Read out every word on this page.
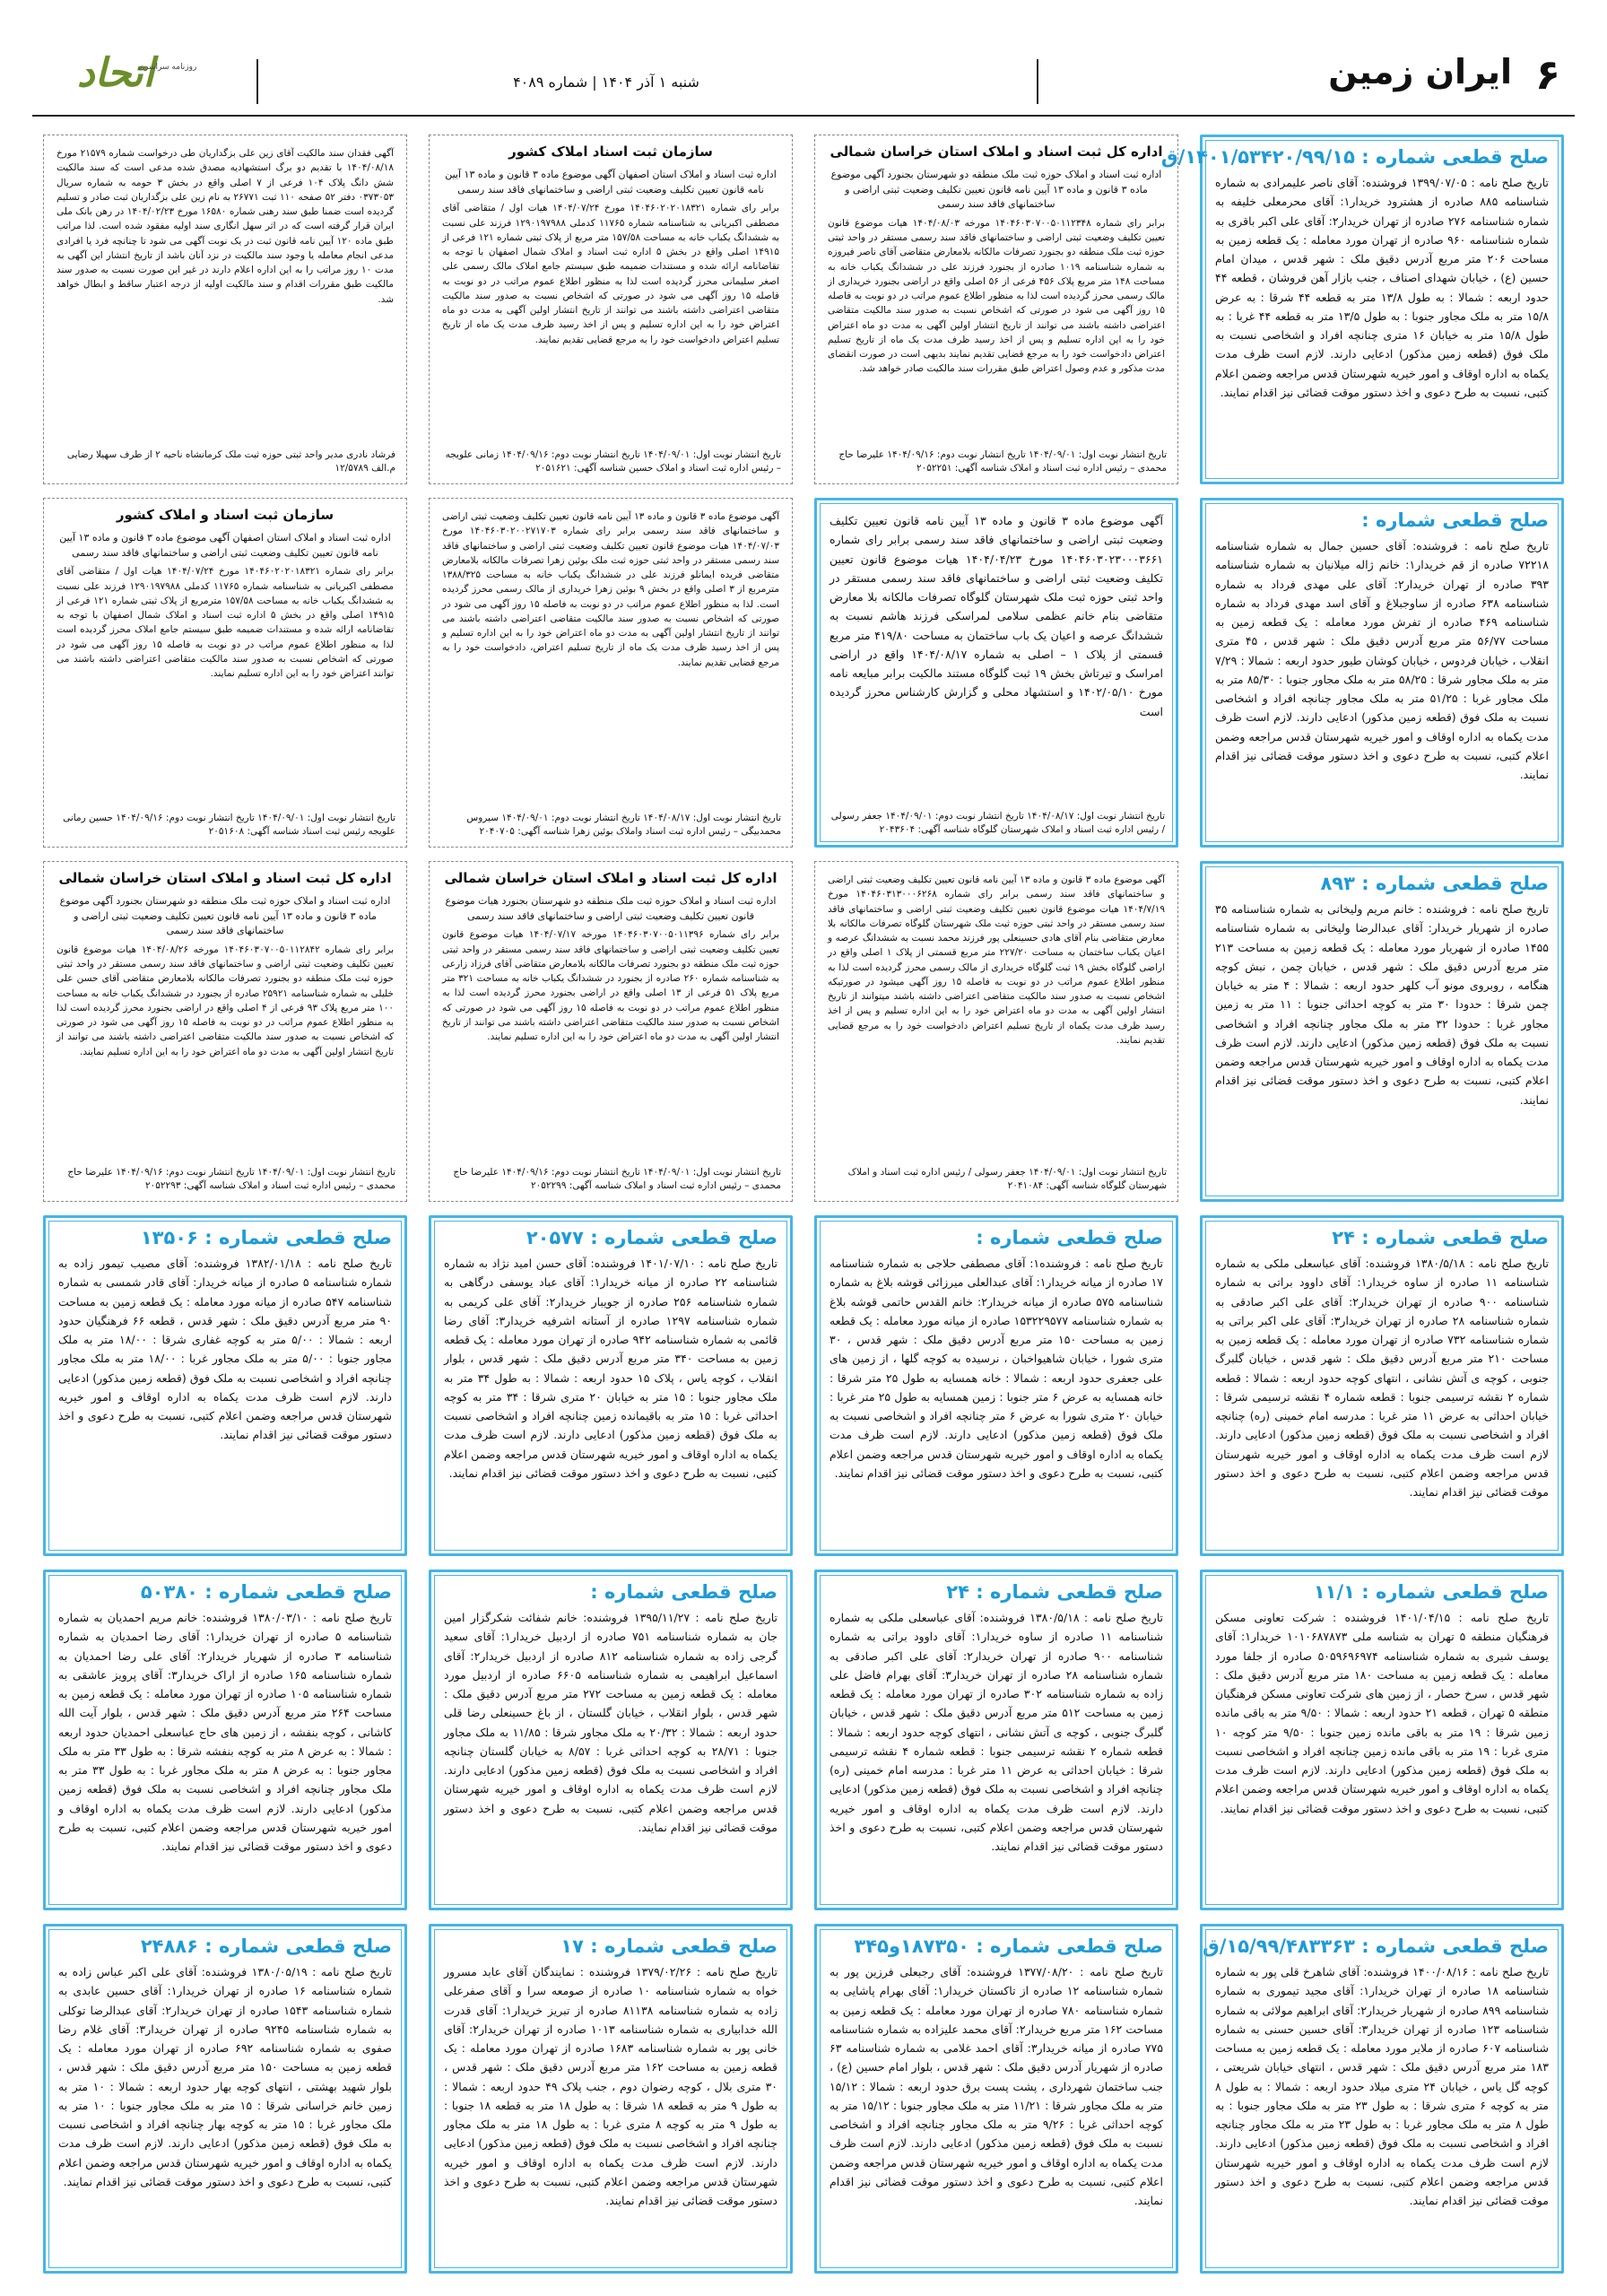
۶
ایران زمین
شنبه ۱ آذر ۱۴۰۴ | شماره ۴۰۸۹
اتحاد
روزنامه سراسری
صلح قطعی شماره : ۱۴۰۱/۵۳۴۲۰/۹۹/۱۵/ق
تاریخ صلح نامه : ۱۳۹۹/۰۷/۰۵ فروشنده: آقای ناصر علیمرادی به شماره شناسنامه ۸۸۵ صادره از هشترود خریدار۱: آقای محرمعلی خلیفه به شماره شناسنامه ۲۷۶ صادره از تهران خریدار۲: آقای علی اکبر باقری به شماره شناسنامه ۹۶۰ صادره از تهران مورد معامله : یک قطعه زمین به مساحت ۲۰۶ متر مربع آدرس دقیق ملک : شهر قدس ، میدان امام حسین (ع) ، خیابان شهدای اصناف ، جنب بازار آهن فروشان ، قطعه ۴۴ حدود اربعه : شمالا : به طول ۱۳/۸ متر به قطعه ۴۴ شرقا : به عرض ۱۵/۸ متر به ملک مجاور جنوبا : به طول ۱۳/۵ متر به قطعه ۴۴ غربا : به طول ۱۵/۸ متر به خیابان ۱۶ متری چنانچه افراد و اشخاصی نسبت به ملک فوق (قطعه زمین مذکور) ادعایی دارند. لازم است ظرف مدت یکماه به اداره اوقاف و امور خیریه شهرستان قدس مراجعه وضمن اعلام کتبی، نسبت به طرح دعوی و اخذ دستور موقت قضائی نیز اقدام نمایند.
اداره کل ثبت اسناد و املاک استان خراسان شمالی
اداره ثبت اسناد و املاک حوزه ثبت ملک منطقه دو شهرستان بجنورد آگهی موضوع ماده ۳ قانون و ماده ۱۳ آیین نامه قانون تعیین تکلیف وضعیت ثبتی اراضی و ساختمانهای فاقد سند رسمی
برابر رای شماره ۱۴۰۴۶۰۳۰۷۰۰۵۰۱۱۲۳۴۸ مورخه ۱۴۰۴/۰۸/۰۳ هیات موضوع قانون تعیین تکلیف وضعیت ثبتی اراضی و ساختمانهای فاقد سند رسمی مستقر در واحد ثبتی حوزه ثبت ملک منطقه دو بجنورد تصرفات مالکانه بلامعارض متقاضی آقای ناصر فیروزه به شماره شناسنامه ۱۰۱۹ صادره از بجنورد فرزند علی در ششدانگ یکباب خانه به مساحت ۱۴۸ متر مربع پلاک ۴۵۶ فرعی از ۵۶ اصلی واقع در اراضی بجنورد خریداری از مالک رسمی محرز گردیده است لذا به منظور اطلاع عموم مراتب در دو نوبت به فاصله ۱۵ روز آگهی می شود در صورتی که اشخاص نسبت به صدور سند مالکیت متقاضی اعتراضی داشته باشند می توانند از تاریخ انتشار اولین آگهی به مدت دو ماه اعتراض خود را به این اداره تسلیم و پس از اخذ رسید ظرف مدت یک ماه از تاریخ تسلیم اعتراض دادخواست خود را به مرجع قضایی تقدیم نمایند بدیهی است در صورت انقضای مدت مذکور و عدم وصول اعتراض طبق مقررات سند مالکیت صادر خواهد شد.
تاریخ انتشار نوبت اول: ۱۴۰۴/۰۹/۰۱ تاریخ انتشار نوبت دوم: ۱۴۰۴/۰۹/۱۶ علیرضا حاج محمدی – رئیس اداره ثبت اسناد و املاک شناسه آگهی: ۲۰۵۲۲۵۱
سازمان ثبت اسناد املاک کشور
اداره ثبت اسناد و املاک استان اصفهان آگهی موضوع ماده ۳ قانون و ماده ۱۳ آیین نامه قانون تعیین تکلیف وضعیت ثبتی اراضی و ساختمانهای فاقد سند رسمی
برابر رای شماره ۱۴۰۴۶۰۲۰۲۰۱۸۳۲۱ مورخ ۱۴۰۴/۰۷/۲۴ هیات اول / متقاضی آقای مصطفی اکبریانی به شناسنامه شماره ۱۱۷۶۵ کدملی ۱۲۹۰۱۹۷۹۸۸ فرزند علی نسبت به ششدانگ یکباب خانه به مساحت ۱۵۷/۵۸ متر مربع از پلاک ثبتی شماره ۱۲۱ فرعی از ۱۴۹۱۵ اصلی واقع در بخش ۵ اداره ثبت اسناد و املاک شمال اصفهان با توجه به تقاضانامه ارائه شده و مستندات ضمیمه طبق سیستم جامع املاک مالک رسمی علی اصغر سلیمانی محرز گردیده است لذا به منظور اطلاع عموم مراتب در دو نوبت به فاصله ۱۵ روز آگهی می شود در صورتی که اشخاص نسبت به صدور سند مالکیت متقاضی اعتراضی داشته باشند می توانند از تاریخ انتشار اولین آگهی به مدت دو ماه اعتراض خود را به این اداره تسلیم و پس از اخذ رسید ظرف مدت یک ماه از تاریخ تسلیم اعتراض دادخواست خود را به مرجع قضایی تقدیم نمایند.
تاریخ انتشار نوبت اول: ۱۴۰۴/۰۹/۰۱ تاریخ انتشار نوبت دوم: ۱۴۰۴/۰۹/۱۶ زمانی علویجه – رئیس اداره ثبت اسناد و املاک حسین شناسه آگهی: ۲۰۵۱۶۲۱
آگهی فقدان سند مالکیت آقای زین علی بزگداریان طی درخواست شماره ۲۱۵۷۹ مورخ ۱۴۰۴/۰۸/۱۸ با تقدیم دو برگ استشهادیه مصدق شده مدعی است که سند مالکیت شش دانگ پلاک ۱۰۴ فرعی از ۷ اصلی واقع در بخش ۳ حومه به شماره سریال ۰۳۷۳۰۵۳ دفتر ۵۲ صفحه ۱۱۰ ثبت ۲۶۷۷۱ به نام زین علی بزگداریان ثبت صادر و تسلیم گردیده است ضمنا طبق سند رهنی شماره ۱۶۵۸۰ مورخ ۱۴۰۴/۰۲/۲۳ در رهن بانک ملی ایران قرار گرفته است که در اثر سهل انگاری سند اولیه مفقود شده است. لذا مراتب طبق ماده ۱۲۰ آیین نامه قانون ثبت در یک نوبت آگهی می شود تا چنانچه فرد یا افرادی مدعی انجام معامله یا وجود سند مالکیت در نزد آنان باشد از تاریخ انتشار این آگهی به مدت ۱۰ روز مراتب را به این اداره اعلام دارند در غیر این صورت نسبت به صدور سند مالکیت طبق مقررات اقدام و سند مالکیت اولیه از درجه اعتبار ساقط و ابطال خواهد شد.
فرشاد نادری مدیر واحد ثبتی حوزه ثبت ملک کرمانشاه ناحیه ۲ از طرف سهیلا رضایی م.الف ۱۲/۵۷۸۹
صلح قطعی شماره :
تاریخ صلح نامه : فروشنده: آقای حسین جمال به شماره شناسنامه ۷۲۲۱۸ صادره از قم خریدار۱: خانم ژاله میلانیان به شماره شناسنامه ۳۹۳ صادره از تهران خریدار۲: آقای علی مهدی فرداد به شماره شناسنامه ۶۳۸ صادره از ساوجبلاغ و آقای اسد مهدی فرداد به شماره شناسنامه ۴۶۹ صادره از تفرش مورد معامله : یک قطعه زمین به مساحت ۵۶/۷۷ متر مربع آدرس دقیق ملک : شهر قدس ، ۴۵ متری انقلاب ، خیابان فردوس ، خیابان کوشان طیور حدود اربعه : شمالا : ۷/۲۹ متر به ملک مجاور شرقا : ۵۸/۲۵ متر به ملک مجاور جنوبا : ۸۵/۳۰ متر به ملک مجاور غربا : ۵۱/۲۵ متر به ملک مجاور چنانچه افراد و اشخاصی نسبت به ملک فوق (قطعه زمین مذکور) ادعایی دارند. لازم است ظرف مدت یکماه به اداره اوقاف و امور خیریه شهرستان قدس مراجعه وضمن اعلام کتبی، نسبت به طرح دعوی و اخذ دستور موقت قضائی نیز اقدام نمایند.
آگهی موضوع ماده ۳ قانون و ماده ۱۳ آیین نامه قانون تعیین تکلیف وضعیت ثبتی اراضی و ساختمانهای فاقد سند رسمی برابر رای شماره ۱۴۰۴۶۰۳۰۲۳۰۰۰۳۶۶۱ مورخ ۱۴۰۴/۰۴/۲۳ هیات موضوع قانون تعیین تکلیف وضعیت ثبتی اراضی و ساختمانهای فاقد سند رسمی مستقر در واحد ثبتی حوزه ثبت ملک شهرستان گلوگاه تصرفات مالکانه بلا معارض متقاضی بنام خانم عظمی سلامی لمراسکی فرزند هاشم نسبت به ششدانگ عرصه و اعیان یک باب ساختمان به مساحت ۴۱۹/۸۰ متر مربع قسمتی از پلاک ۱ – اصلی به شماره ۱۴۰۴/۰۸/۱۷ واقع در اراضی امراسک و تیرتاش بخش ۱۹ ثبت گلوگاه مستند مالکیت برابر مبایعه نامه مورخ ۱۴۰۲/۰۵/۱۰ و استشهاد محلی و گزارش کارشناس محرز گردیده است
تاریخ انتشار نوبت اول: ۱۴۰۴/۰۸/۱۷ تاریخ انتشار نوبت دوم: ۱۴۰۴/۰۹/۰۱ جعفر رسولی / رئیس اداره ثبت اسناد و املاک شهرستان گلوگاه شناسه آگهی: ۲۰۴۳۶۰۴
آگهی موضوع ماده ۳ قانون و ماده ۱۳ آیین نامه قانون تعیین تکلیف وضعیت ثبتی اراضی و ساختمانهای فاقد سند رسمی برابر رای شماره ۱۴۰۴۶۰۳۰۲۰۰۲۷۱۷۰۳ مورخ ۱۴۰۴/۰۷/۰۳ هیات موضوع قانون تعیین تکلیف وضعیت ثبتی اراضی و ساختمانهای فاقد سند رسمی مستقر در واحد ثبتی حوزه ثبت ملک بوئین زهرا تصرفات مالکانه بلامعارض متقاضی فریده ایمانلو فرزند علی در ششدانگ یکباب خانه به مساحت ۱۳۸۸/۳۲۵ مترمربع از ۳ اصلی واقع در بخش ۹ بوئین زهرا خریداری از مالک رسمی محرز گردیده است. لذا به منظور اطلاع عموم مراتب در دو نوبت به فاصله ۱۵ روز آگهی می شود در صورتی که اشخاص نسبت به صدور سند مالکیت متقاضی اعتراضی داشته باشند می توانند از تاریخ انتشار اولین آگهی به مدت دو ماه اعتراض خود را به این اداره تسلیم و پس از اخذ رسید ظرف مدت یک ماه از تاریخ تسلیم اعتراض، دادخواست خود را به مرجع قضایی تقدیم نمایند.
تاریخ انتشار نوبت اول: ۱۴۰۴/۰۸/۱۷ تاریخ انتشار نوبت دوم: ۱۴۰۴/۰۹/۰۱ سیروس محمدبیگی – رئیس اداره ثبت اسناد واملاک بوئین زهرا شناسه آگهی: ۲۰۴۰۷۰۵
سازمان ثبت اسناد و املاک کشور
اداره ثبت اسناد و املاک استان اصفهان آگهی موضوع ماده ۳ قانون و ماده ۱۳ آیین نامه قانون تعیین تکلیف وضعیت ثبتی اراضی و ساختمانهای فاقد سند رسمی
برابر رای شماره ۱۴۰۴۶۰۲۰۲۰۱۸۳۲۱ مورخ ۱۴۰۴/۰۷/۲۴ هیات اول / متقاضی آقای مصطفی اکبریانی به شناسنامه شماره ۱۱۷۶۵ کدملی ۱۲۹۰۱۹۷۹۸۸ فرزند علی نسبت به ششدانگ یکباب خانه به مساحت ۱۵۷/۵۸ مترمربع از پلاک ثبتی شماره ۱۲۱ فرعی از ۱۴۹۱۵ اصلی واقع در بخش ۵ اداره ثبت اسناد و املاک شمال اصفهان با توجه به تقاضانامه ارائه شده و مستندات ضمیمه طبق سیستم جامع املاک محرز گردیده است لذا به منظور اطلاع عموم مراتب در دو نوبت به فاصله ۱۵ روز آگهی می شود در صورتی که اشخاص نسبت به صدور سند مالکیت متقاضی اعتراضی داشته باشند می توانند اعتراض خود را به این اداره تسلیم نمایند.
تاریخ انتشار نوبت اول: ۱۴۰۴/۰۹/۰۱ تاریخ انتشار نوبت دوم: ۱۴۰۴/۰۹/۱۶ حسین رمانی علویجه رئیس ثبت اسناد شناسه آگهی: ۲۰۵۱۶۰۸
صلح قطعی شماره : ۸۹۳
تاریخ صلح نامه : فروشنده : خانم مریم ولیخانی به شماره شناسنامه ۳۵ صادره از شهریار خریدار: آقای عبدالرضا ولیخانی به شماره شناسنامه ۱۴۵۵ صادره از شهریار مورد معامله : یک قطعه زمین به مساحت ۲۱۳ متر مربع آدرس دقیق ملک : شهر قدس ، خیابان چمن ، نبش کوچه هنگامه ، روبروی مونو آب کلهر حدود اربعه : شمالا : ۴ متر به خیابان چمن شرقا : حدودا ۳۰ متر به کوچه احداثی جنوبا : ۱۱ متر به زمین مجاور غربا : حدودا ۳۲ متر به ملک مجاور چنانچه افراد و اشخاصی نسبت به ملک فوق (قطعه زمین مذکور) ادعایی دارند. لازم است ظرف مدت یکماه به اداره اوقاف و امور خیریه شهرستان قدس مراجعه وضمن اعلام کتبی، نسبت به طرح دعوی و اخذ دستور موقت قضائی نیز اقدام نمایند.
آگهی موضوع ماده ۳ قانون و ماده ۱۳ آیین نامه قانون تعیین تکلیف وضعیت ثبتی اراضی و ساختمانهای فاقد سند رسمی برابر رای شماره ۱۴۰۴۶۰۳۱۳۰۰۰۶۲۶۸ مورخ ۱۴۰۴/۷/۱۹ هیات موضوع قانون تعیین تکلیف وضعیت ثبتی اراضی و ساختمانهای فاقد سند رسمی مستقر در واحد ثبتی حوزه ثبت ملک شهرستان گلوگاه تصرفات مالکانه بلا معارض متقاضی بنام آقای هادی حسینعلی پور فرزند محمد نسبت به ششدانگ عرصه و اعیان یکباب ساختمان به مساحت ۲۲۷/۲۰ متر مربع قسمتی از پلاک ۱ اصلی واقع در اراضی گلوگاه بخش ۱۹ ثبت گلوگاه خریداری از مالک رسمی محرز گردیده است لذا به منظور اطلاع عموم مراتب در دو نوبت به فاصله ۱۵ روز آگهی میشود در صورتیکه اشخاص نسبت به صدور سند مالکیت متقاضی اعتراضی داشته باشند میتوانند از تاریخ انتشار اولین آگهی به مدت دو ماه اعتراض خود را به این اداره تسلیم و پس از اخذ رسید ظرف مدت یکماه از تاریخ تسلیم اعتراض دادخواست خود را به مرجع قضایی تقدیم نمایند.
تاریخ انتشار نوبت اول: ۱۴۰۴/۰۹/۰۱ جعفر رسولی / رئیس اداره ثبت اسناد و املاک شهرستان گلوگاه شناسه آگهی: ۲۰۴۱۰۸۴
اداره کل ثبت اسناد و املاک استان خراسان شمالی
اداره ثبت اسناد و املاک حوزه ثبت ملک منطقه دو شهرستان بجنورد هیات موضوع قانون تعیین تکلیف وضعیت ثبتی اراضی و ساختمانهای فاقد سند رسمی
برابر رای شماره ۱۴۰۴۶۰۳۰۷۰۰۵۰۱۱۳۹۶ مورخه ۱۴۰۴/۰۷/۱۷ هیات موضوع قانون تعیین تکلیف وضعیت ثبتی اراضی و ساختمانهای فاقد سند رسمی مستقر در واحد ثبتی حوزه ثبت ملک منطقه دو بجنورد تصرفات مالکانه بلامعارض متقاضی آقای فرزاد زارعی به شناسنامه شماره ۲۶۰ صادره از بجنورد در ششدانگ یکباب خانه به مساحت ۳۲۱ متر مربع پلاک ۵۱ فرعی از ۱۳ اصلی واقع در اراضی بجنورد محرز گردیده است لذا به منظور اطلاع عموم مراتب در دو نوبت به فاصله ۱۵ روز آگهی می شود در صورتی که اشخاص نسبت به صدور سند مالکیت متقاضی اعتراضی داشته باشند می توانند از تاریخ انتشار اولین آگهی به مدت دو ماه اعتراض خود را به این اداره تسلیم نمایند.
تاریخ انتشار نوبت اول: ۱۴۰۴/۰۹/۰۱ تاریخ انتشار نوبت دوم: ۱۴۰۴/۰۹/۱۶ علیرضا حاج محمدی – رئیس اداره ثبت اسناد و املاک شناسه آگهی: ۲۰۵۲۲۹۹
اداره کل ثبت اسناد و املاک استان خراسان شمالی
اداره ثبت اسناد و املاک حوزه ثبت ملک منطقه دو شهرستان بجنورد آگهی موضوع ماده ۳ قانون و ماده ۱۳ آیین نامه قانون تعیین تکلیف وضعیت ثبتی اراضی و ساختمانهای فاقد سند رسمی
برابر رای شماره ۱۴۰۴۶۰۳۰۷۰۰۵۰۱۱۲۸۴۲ مورخه ۱۴۰۴/۰۸/۲۶ هیات موضوع قانون تعیین تکلیف وضعیت ثبتی اراضی و ساختمانهای فاقد سند رسمی مستقر در واحد ثبتی حوزه ثبت ملک منطقه دو بجنورد تصرفات مالکانه بلامعارض متقاضی آقای حسن علی خلیلی به شماره شناسنامه ۲۵۹۲۱ صادره از بجنورد در ششدانگ یکباب خانه به مساحت ۱۰۰ متر مربع پلاک ۹۳ فرعی از ۴ اصلی واقع در اراضی بجنورد محرز گردیده است لذا به منظور اطلاع عموم مراتب در دو نوبت به فاصله ۱۵ روز آگهی می شود در صورتی که اشخاص نسبت به صدور سند مالکیت متقاضی اعتراضی داشته باشند می توانند از تاریخ انتشار اولین آگهی به مدت دو ماه اعتراض خود را به این اداره تسلیم نمایند.
تاریخ انتشار نوبت اول: ۱۴۰۴/۰۹/۰۱ تاریخ انتشار نوبت دوم: ۱۴۰۴/۰۹/۱۶ علیرضا حاج محمدی – رئیس اداره ثبت اسناد و املاک شناسه آگهی: ۲۰۵۲۲۹۳
صلح قطعی شماره : ۲۴
تاریخ صلح نامه : ۱۳۸۰/۵/۱۸ فروشنده: آقای عباسعلی ملکی به شماره شناسنامه ۱۱ صادره از ساوه خریدار۱: آقای داوود براتی به شماره شناسنامه ۹۰۰ صادره از تهران خریدار۲: آقای علی اکبر صادقی به شماره شناسنامه ۲۸ صادره از تهران خریدار۳: آقای علی اکبر براتی به شماره شناسنامه ۷۳۲ صادره از تهران مورد معامله : یک قطعه زمین به مساحت ۲۱۰ متر مربع آدرس دقیق ملک : شهر قدس ، خیابان گلبرگ جنوبی ، کوچه ی آتش نشانی ، انتهای کوچه حدود اربعه : شمالا : قطعه شماره ۲ نقشه ترسیمی جنوبا : قطعه شماره ۴ نقشه ترسیمی شرقا : خیابان احداثی به عرض ۱۱ متر غربا : مدرسه امام خمینی (ره) چنانچه افراد و اشخاصی نسبت به ملک فوق (قطعه زمین مذکور) ادعایی دارند. لازم است ظرف مدت یکماه به اداره اوقاف و امور خیریه شهرستان قدس مراجعه وضمن اعلام کتبی، نسبت به طرح دعوی و اخذ دستور موقت قضائی نیز اقدام نمایند.
صلح قطعی شماره :
تاریخ صلح نامه : فروشنده۱: آقای مصطفی حلاجی به شماره شناسنامه ۱۷ صادره از میانه خریدار۱: آقای عبدالعلی میرزائی قوشه بلاغ به شماره شناسنامه ۵۷۵ صادره از میانه خریدار۲: خانم القدس حاتمی قوشه بلاغ به شماره شناسنامه ۱۵۳۲۲۹۵۷۷ صادره از میانه مورد معامله : یک قطعه زمین به مساحت ۱۵۰ متر مربع آدرس دقیق ملک : شهر قدس ، ۳۰ متری شورا ، خیابان شاهیواخبان ، نرسیده به کوچه گلها ، از زمین های علی جعفری حدود اربعه : شمالا : خانه همسایه به طول ۲۵ متر شرقا : خانه همسایه به عرض ۶ متر جنوبا : زمین همسایه به طول ۲۵ متر غربا : خیابان ۲۰ متری شورا به عرض ۶ متر چنانچه افراد و اشخاصی نسبت به ملک فوق (قطعه زمین مذکور) ادعایی دارند. لازم است ظرف مدت یکماه به اداره اوقاف و امور خیریه شهرستان قدس مراجعه وضمن اعلام کتبی، نسبت به طرح دعوی و اخذ دستور موقت قضائی نیز اقدام نمایند.
صلح قطعی شماره : ۲۰۵۷۷
تاریخ صلح نامه : ۱۴۰۱/۰۷/۱۰ فروشنده: آقای حسن امید نژاد به شماره شناسنامه ۲۲ صادره از میانه خریدار۱: آقای عباد یوسفی درگاهی به شماره شناسنامه ۲۵۶ صادره از جویبار خریدار۲: آقای علی کریمی به شماره شناسنامه ۱۲۹۷ صادره از آستانه اشرفیه خریدار۳: آقای رضا قائمی به شماره شناسنامه ۹۴۲ صادره از تهران مورد معامله : یک قطعه زمین به مساحت ۳۴۰ متر مربع آدرس دقیق ملک : شهر قدس ، بلوار انقلاب ، کوچه یاس ، پلاک ۱۵ حدود اربعه : شمالا : به طول ۳۴ متر به ملک مجاور جنوبا : ۱۵ متر به خیابان ۲۰ متری شرقا : ۳۴ متر به کوچه احداثی غربا : ۱۵ متر به باقیمانده زمین چنانچه افراد و اشخاصی نسبت به ملک فوق (قطعه زمین مذکور) ادعایی دارند. لازم است ظرف مدت یکماه به اداره اوقاف و امور خیریه شهرستان قدس مراجعه وضمن اعلام کتبی، نسبت به طرح دعوی و اخذ دستور موقت قضائی نیز اقدام نمایند.
صلح قطعی شماره : ۱۳۵۰۶
تاریخ صلح نامه : ۱۳۸۲/۰۱/۱۸ فروشنده: آقای مصیب تیمور زاده به شماره شناسنامه ۵ صادره از میانه خریدار: آقای قادر شمسی به شماره شناسنامه ۵۴۷ صادره از میانه مورد معامله : یک قطعه زمین به مساحت ۹۰ متر مربع آدرس دقیق ملک : شهر قدس ، قطعه ۶۶ فرهنگیان حدود اربعه : شمالا : ۵/۰۰ متر به کوچه غفاری شرقا : ۱۸/۰۰ متر به ملک مجاور جنوبا : ۵/۰۰ متر به ملک مجاور غربا : ۱۸/۰۰ متر به ملک مجاور چنانچه افراد و اشخاصی نسبت به ملک فوق (قطعه زمین مذکور) ادعایی دارند. لازم است ظرف مدت یکماه به اداره اوقاف و امور خیریه شهرستان قدس مراجعه وضمن اعلام کتبی، نسبت به طرح دعوی و اخذ دستور موقت قضائی نیز اقدام نمایند.
صلح قطعی شماره : ۱۱/۱
تاریخ صلح نامه : ۱۴۰۱/۰۴/۱۵ فروشنده : شرکت تعاونی مسکن فرهنگیان منطقه ۵ تهران به شناسه ملی ۱۰۱۰۶۸۷۸۷۳ خریدار۱: آقای یوسف شیری به شماره شناسنامه ۵۰۵۹۶۹۶۹۷۴ صادره از جلفا مورد معامله : یک قطعه زمین به مساحت ۱۸۰ متر مربع آدرس دقیق ملک : شهر قدس ، سرخ حصار ، از زمین های شرکت تعاونی مسکن فرهنگیان منطقه ۵ تهران ، قطعه ۲۱ حدود اربعه : شمالا : ۹/۵۰ متر به باقی مانده زمین شرقا : ۱۹ متر به باقی مانده زمین جنوبا : ۹/۵۰ متر کوچه ۱۰ متری غربا : ۱۹ متر به باقی مانده زمین چنانچه افراد و اشخاصی نسبت به ملک فوق (قطعه زمین مذکور) ادعایی دارند. لازم است ظرف مدت یکماه به اداره اوقاف و امور خیریه شهرستان قدس مراجعه وضمن اعلام کتبی، نسبت به طرح دعوی و اخذ دستور موقت قضائی نیز اقدام نمایند.
صلح قطعی شماره : ۲۴
تاریخ صلح نامه : ۱۳۸۰/۵/۱۸ فروشنده: آقای عباسعلی ملکی به شماره شناسنامه ۱۱ صادره از ساوه خریدار۱: آقای داوود براتی به شماره شناسنامه ۹۰۰ صادره از تهران خریدار۲: آقای علی اکبر صادقی به شماره شناسنامه ۲۸ صادره از تهران خریدار۳: آقای بهرام فاضل علی زاده به شماره شناسنامه ۳۰۲ صادره از تهران مورد معامله : یک قطعه زمین به مساحت ۵۱۲ متر مربع آدرس دقیق ملک : شهر قدس ، خیابان گلبرگ جنوبی ، کوچه ی آتش نشانی ، انتهای کوچه حدود اربعه : شمالا : قطعه شماره ۲ نقشه ترسیمی جنوبا : قطعه شماره ۴ نقشه ترسیمی شرقا : خیابان احداثی به عرض ۱۱ متر غربا : مدرسه امام خمینی (ره) چنانچه افراد و اشخاصی نسبت به ملک فوق (قطعه زمین مذکور) ادعایی دارند. لازم است ظرف مدت یکماه به اداره اوقاف و امور خیریه شهرستان قدس مراجعه وضمن اعلام کتبی، نسبت به طرح دعوی و اخذ دستور موقت قضائی نیز اقدام نمایند.
صلح قطعی شماره :
تاریخ صلح نامه : ۱۳۹۵/۱۱/۲۷ فروشنده: خانم شفائت شکرگزار امین جان به شماره شناسنامه ۷۵۱ صادره از اردبیل خریدار۱: آقای سعید گرجی زاده به شماره شناسنامه ۸۱۲ صادره از اردبیل خریدار۲: آقای اسماعیل ابراهیمی به شماره شناسنامه ۶۶۰۵ صادره از اردبیل مورد معامله : یک قطعه زمین به مساحت ۲۷۲ متر مربع آدرس دقیق ملک : شهر قدس ، بلوار انقلاب ، خیابان گلستان ، از باغ حسینعلی رضا قلی حدود اربعه : شمالا : ۲۰/۳۲ به ملک مجاور شرقا : ۱۱/۸۵ به ملک مجاور جنوبا : ۲۸/۷۱ به کوچه احداثی غربا : ۸/۵۷ به خیابان گلستان چنانچه افراد و اشخاصی نسبت به ملک فوق (قطعه زمین مذکور) ادعایی دارند. لازم است ظرف مدت یکماه به اداره اوقاف و امور خیریه شهرستان قدس مراجعه وضمن اعلام کتبی، نسبت به طرح دعوی و اخذ دستور موقت قضائی نیز اقدام نمایند.
صلح قطعی شماره : ۵۰۳۸۰
تاریخ صلح نامه : ۱۳۸۰/۰۳/۱۰ فروشنده: خانم مریم احمدیان به شماره شناسنامه ۵ صادره از تهران خریدار۱: آقای رضا احمدیان به شماره شناسنامه ۳ صادره از شهریار خریدار۲: آقای علی رضا احمدیان به شماره شناسنامه ۱۶۵ صادره از اراک خریدار۳: آقای پرویز عاشقی به شماره شناسنامه ۱۰۵ صادره از تهران مورد معامله : یک قطعه زمین به مساحت ۲۶۴ متر مربع آدرس دقیق ملک : شهر قدس ، بلوار آیت الله کاشانی ، کوچه بنفشه ، از زمین های حاج عباسعلی احمدیان حدود اربعه : شمالا : به عرض ۸ متر به کوچه بنفشه شرقا : به طول ۳۳ متر به ملک مجاور جنوبا : به عرض ۸ متر به ملک مجاور غربا : به طول ۳۳ متر به ملک مجاور چنانچه افراد و اشخاصی نسبت به ملک فوق (قطعه زمین مذکور) ادعایی دارند. لازم است ظرف مدت یکماه به اداره اوقاف و امور خیریه شهرستان قدس مراجعه وضمن اعلام کتبی، نسبت به طرح دعوی و اخذ دستور موقت قضائی نیز اقدام نمایند.
صلح قطعی شماره : ۱۵/۹۹/۴۸۳۳۶۳/ق
تاریخ صلح نامه : ۱۴۰۰/۰۸/۱۶ فروشنده: آقای شاهرخ قلی پور به شماره شناسنامه ۱۸ صادره از تهران خریدار۱: آقای مجید تیموری به شماره شناسنامه ۸۹۹ صادره از شهریار خریدار۲: آقای ابراهیم مولائی به شماره شناسنامه ۱۲۳ صادره از تهران خریدار۳: آقای حسین حسنی به شماره شناسنامه ۶۰۷ صادره از ملایر مورد معامله : یک قطعه زمین به مساحت ۱۸۳ متر مربع آدرس دقیق ملک : شهر قدس ، انتهای خیابان شریعتی ، کوچه گل یاس ، خیابان ۲۴ متری میلاد حدود اربعه : شمالا : به طول ۸ متر به کوچه ۶ متری شرقا : به طول ۲۳ متر به ملک مجاور جنوبا : به طول ۸ متر به ملک مجاور غربا : به طول ۲۳ متر به ملک مجاور چنانچه افراد و اشخاصی نسبت به ملک فوق (قطعه زمین مذکور) ادعایی دارند. لازم است ظرف مدت یکماه به اداره اوقاف و امور خیریه شهرستان قدس مراجعه وضمن اعلام کتبی، نسبت به طرح دعوی و اخذ دستور موقت قضائی نیز اقدام نمایند.
صلح قطعی شماره : ۱۸۷۳۵۰و۳۴۵
تاریخ صلح نامه : ۱۳۷۷/۰۸/۲۰ فروشنده: آقای رجبعلی فرزین پور به شماره شناسنامه ۱۲ صادره از تاکستان خریدار۱: آقای بهرام پاشایی به شماره شناسنامه ۷۸۰ صادره از تهران مورد معامله : یک قطعه زمین به مساحت ۱۶۲ متر مربع خریدار۲: آقای محمد علیزاده به شماره شناسنامه ۷۷۵ صادره از میانه خریدار۳: آقای احمد غلامی به شماره شناسنامه ۶۳ صادره از شهریار آدرس دقیق ملک : شهر قدس ، بلوار امام حسین (ع) ، جنب ساختمان شهرداری ، پشت پست برق حدود اربعه : شمالا : ۱۵/۱۲ متر به ملک مجاور شرقا : ۱۱/۲۱ متر به ملک مجاور جنوبا : ۱۵/۱۲ متر به کوچه احداثی غربا : ۹/۲۶ متر به ملک مجاور چنانچه افراد و اشخاصی نسبت به ملک فوق (قطعه زمین مذکور) ادعایی دارند. لازم است ظرف مدت یکماه به اداره اوقاف و امور خیریه شهرستان قدس مراجعه وضمن اعلام کتبی، نسبت به طرح دعوی و اخذ دستور موقت قضائی نیز اقدام نمایند.
صلح قطعی شماره : ۱۷
تاریخ صلح نامه : ۱۳۷۹/۰۲/۲۶ فروشنده : نمایندگان آقای عابد مسرور خواه به شماره شناسنامه ۱۰ صادره از صومعه سرا و آقای صفرعلی زاده به شماره شناسنامه ۸۱۱۳۸ صادره از تبریز خریدار۱: آقای قدرت الله خدابیاری به شماره شناسنامه ۱۰۱۳ صادره از تهران خریدار۲: آقای خانی پور به شماره شناسنامه ۱۶۸۳ صادره از تهران مورد معامله : یک قطعه زمین به مساحت ۱۶۲ متر مربع آدرس دقیق ملک : شهر قدس ، ۳۰ متری بلال ، کوچه رضوان دوم ، جنب پلاک ۴۹ حدود اربعه : شمالا : به طول ۹ متر به قطعه ۱۸ شرقا : به طول ۱۸ متر به قطعه ۱۸ جنوبا : به طول ۹ متر به کوچه ۸ متری غربا : به طول ۱۸ متر به ملک مجاور چنانچه افراد و اشخاصی نسبت به ملک فوق (قطعه زمین مذکور) ادعایی دارند. لازم است ظرف مدت یکماه به اداره اوقاف و امور خیریه شهرستان قدس مراجعه وضمن اعلام کتبی، نسبت به طرح دعوی و اخذ دستور موقت قضائی نیز اقدام نمایند.
صلح قطعی شماره : ۲۴۸۸۶
تاریخ صلح نامه : ۱۳۸۰/۰۵/۱۹ فروشنده: آقای علی اکبر عباس زاده به شماره شناسنامه ۱۶ صادره از تهران خریدار۱: آقای حسین عابدی به شماره شناسنامه ۱۵۴۳ صادره از تهران خریدار۲: آقای عبدالرضا توکلی به شماره شناسنامه ۹۲۴۵ صادره از تهران خریدار۳: آقای غلام رضا صفوی به شماره شناسنامه ۶۹۲ صادره از تهران مورد معامله : یک قطعه زمین به مساحت ۱۵۰ متر مربع آدرس دقیق ملک : شهر قدس ، بلوار شهید بهشتی ، انتهای کوچه بهار حدود اربعه : شمالا : ۱۰ متر به زمین خانم خراسانی شرقا : ۱۵ متر به ملک مجاور جنوبا : ۱۰ متر به ملک مجاور غربا : ۱۵ متر به کوچه بهار چنانچه افراد و اشخاصی نسبت به ملک فوق (قطعه زمین مذکور) ادعایی دارند. لازم است ظرف مدت یکماه به اداره اوقاف و امور خیریه شهرستان قدس مراجعه وضمن اعلام کتبی، نسبت به طرح دعوی و اخذ دستور موقت قضائی نیز اقدام نمایند.
